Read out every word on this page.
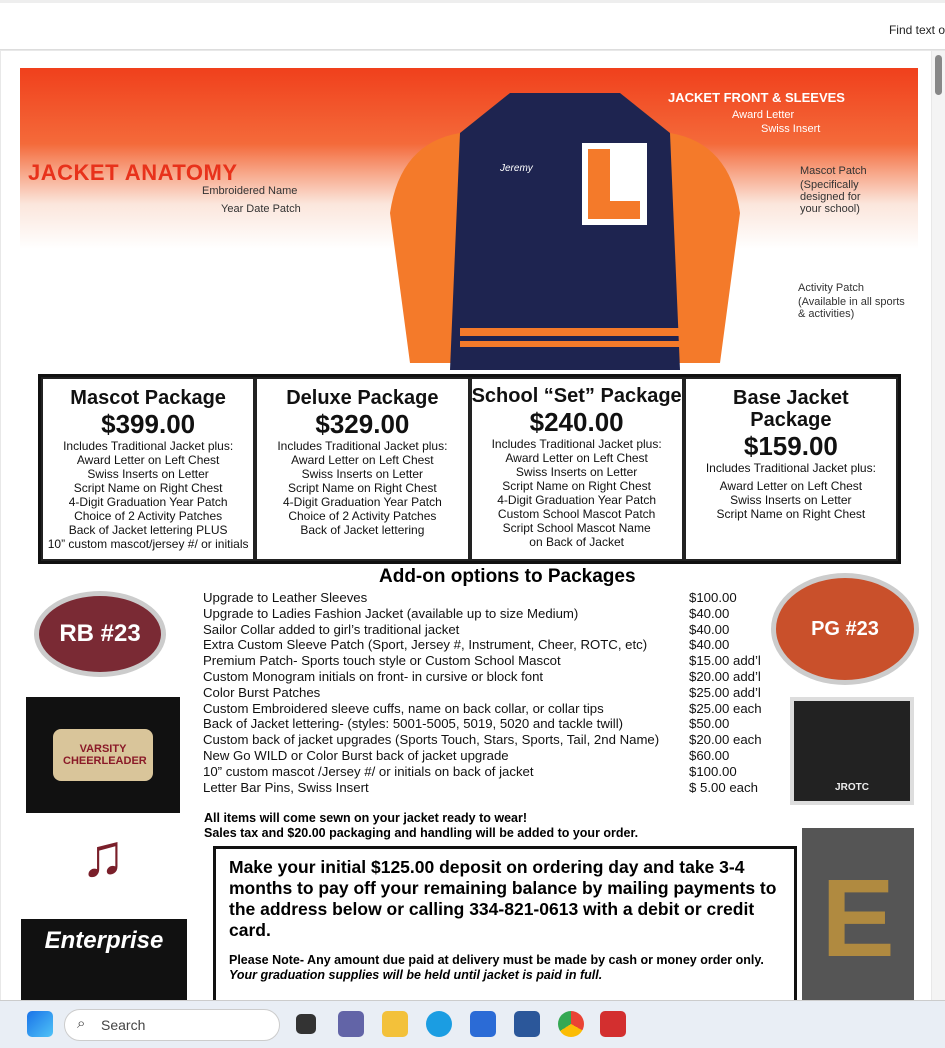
Find text o
Jeremy
JACKET ANATOMY
Embroidered Name
Year Date Patch
JACKET FRONT & SLEEVES
Award Letter
Swiss Insert
Mascot Patch
(Specifically designed for your school)
Activity Patch
(Available in all sports & activities)
Mascot Package
$399.00
Includes Traditional Jacket plus:
Award Letter on Left Chest
Swiss Inserts on Letter
Script Name on Right Chest
4-Digit Graduation Year Patch
Choice of 2 Activity Patches
Back of Jacket lettering PLUS
10” custom mascot/jersey #/ or initials
Deluxe Package
$329.00
Includes Traditional Jacket plus:
Award Letter on Left Chest
Swiss Inserts on Letter
Script Name on Right Chest
4-Digit Graduation Year Patch
Choice of 2 Activity Patches
Back of Jacket lettering
School “Set” Package
$240.00
Includes Traditional Jacket plus:
Award Letter on Left Chest
Swiss Inserts on Letter
Script Name on Right Chest
4-Digit Graduation Year Patch
Custom School Mascot Patch
Script School Mascot Name
on Back of Jacket
Base Jacket Package
$159.00
Includes Traditional Jacket plus:
Award Letter on Left Chest
Swiss Inserts on Letter
Script Name on Right Chest
Add-on options to Packages
Upgrade to Leather Sleeves	$100.00
Upgrade to Ladies Fashion Jacket (available up to size Medium)	$40.00
Sailor Collar added to girl’s traditional jacket	$40.00
Extra Custom Sleeve Patch (Sport, Jersey #, Instrument, Cheer, ROTC, etc)	$40.00
Premium Patch- Sports touch style or Custom School Mascot	$15.00 add’l
Custom Monogram initials on front- in cursive or block font	$20.00 add’l
Color Burst Patches	$25.00 add’l
Custom Embroidered sleeve cuffs, name on back collar, or collar tips	$25.00 each
Back of Jacket lettering- (styles: 5001-5005, 5019, 5020 and tackle twill)	$50.00
Custom back of jacket upgrades (Sports Touch, Stars, Sports, Tail, 2nd Name)	$20.00 each
New Go WILD or Color Burst back of jacket upgrade	$60.00
10” custom mascot /Jersey #/ or initials on back of jacket	$100.00
Letter Bar Pins, Swiss Insert	$ 5.00 each
All items will come sewn on your jacket ready to wear!
Sales tax and $20.00 packaging and handling will be added to your order.
Make your initial $125.00 deposit on ordering day and take 3-4 months to pay off your remaining balance by mailing payments to the address below or calling 334-821-0613 with a debit or credit card.
Please Note- Any amount due paid at delivery must be made by cash or money order only. Your graduation supplies will be held until jacket is paid in full.
RB #23	PG #23
VARSITY CHEERLEADER
JROTC
♫
Enterprise	E
⌕ Search
